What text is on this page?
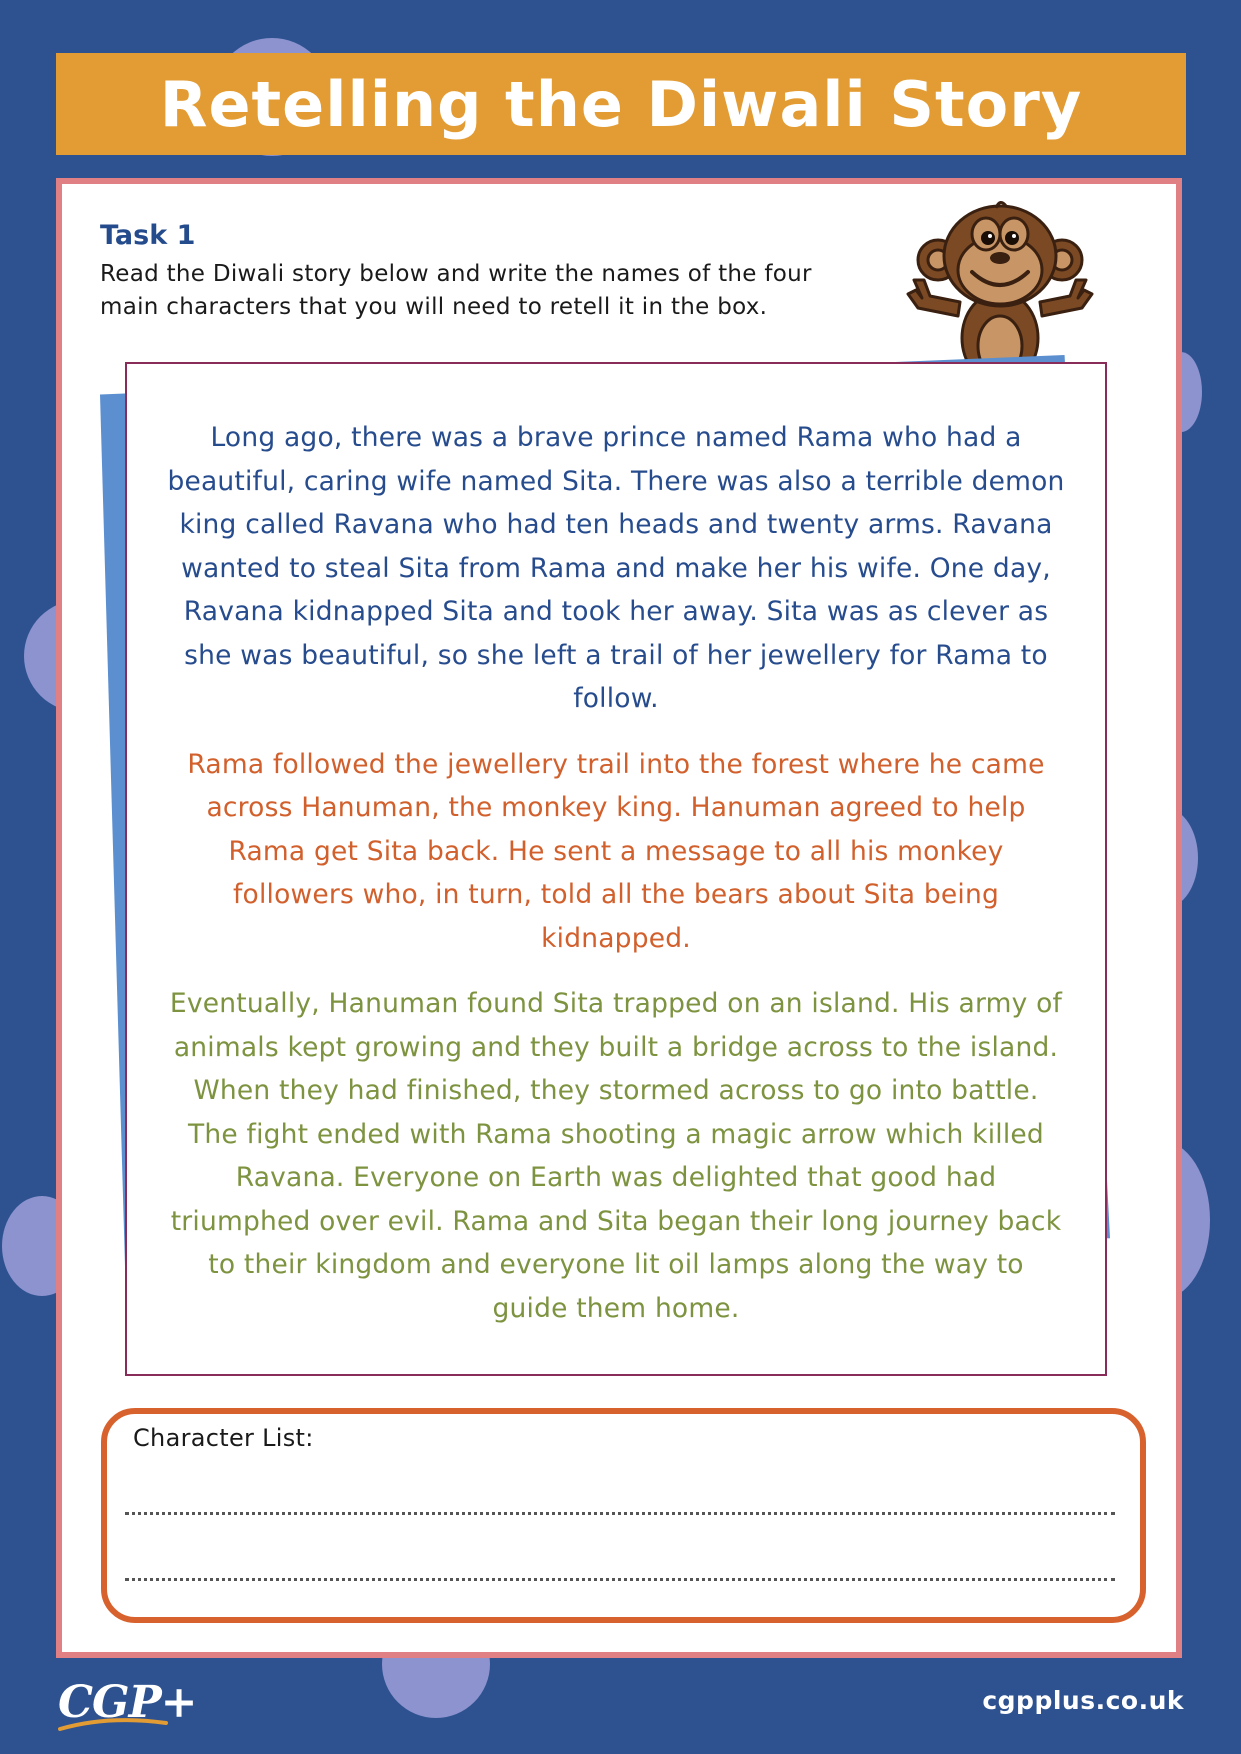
Retelling the Diwali Story
Task 1

Read the Diwali story below and write the names of the four main characters that you will need to retell it in the box.

Long ago, there was a brave prince named Rama who had a beautiful, caring wife named Sita. There was also a terrible demon king called Ravana who had ten heads and twenty arms. Ravana wanted to steal Sita from Rama and make her his wife. One day, Ravana kidnapped Sita and took her away. Sita was as clever as she was beautiful, so she left a trail of her jewellery for Rama to follow.

Rama followed the jewellery trail into the forest where he came across Hanuman, the monkey king. Hanuman agreed to help Rama get Sita back. He sent a message to all his monkey followers who, in turn, told all the bears about Sita being kidnapped.

Eventually, Hanuman found Sita trapped on an island. His army of animals kept growing and they built a bridge across to the island. When they had finished, they stormed across to go into battle. The fight ended with Rama shooting a magic arrow which killed Ravana. Everyone on Earth was delighted that good had triumphed over evil. Rama and Sita began their long journey back to their kingdom and everyone lit oil lamps along the way to guide them home.

Character List:

CGP+	cgpplus.co.uk
